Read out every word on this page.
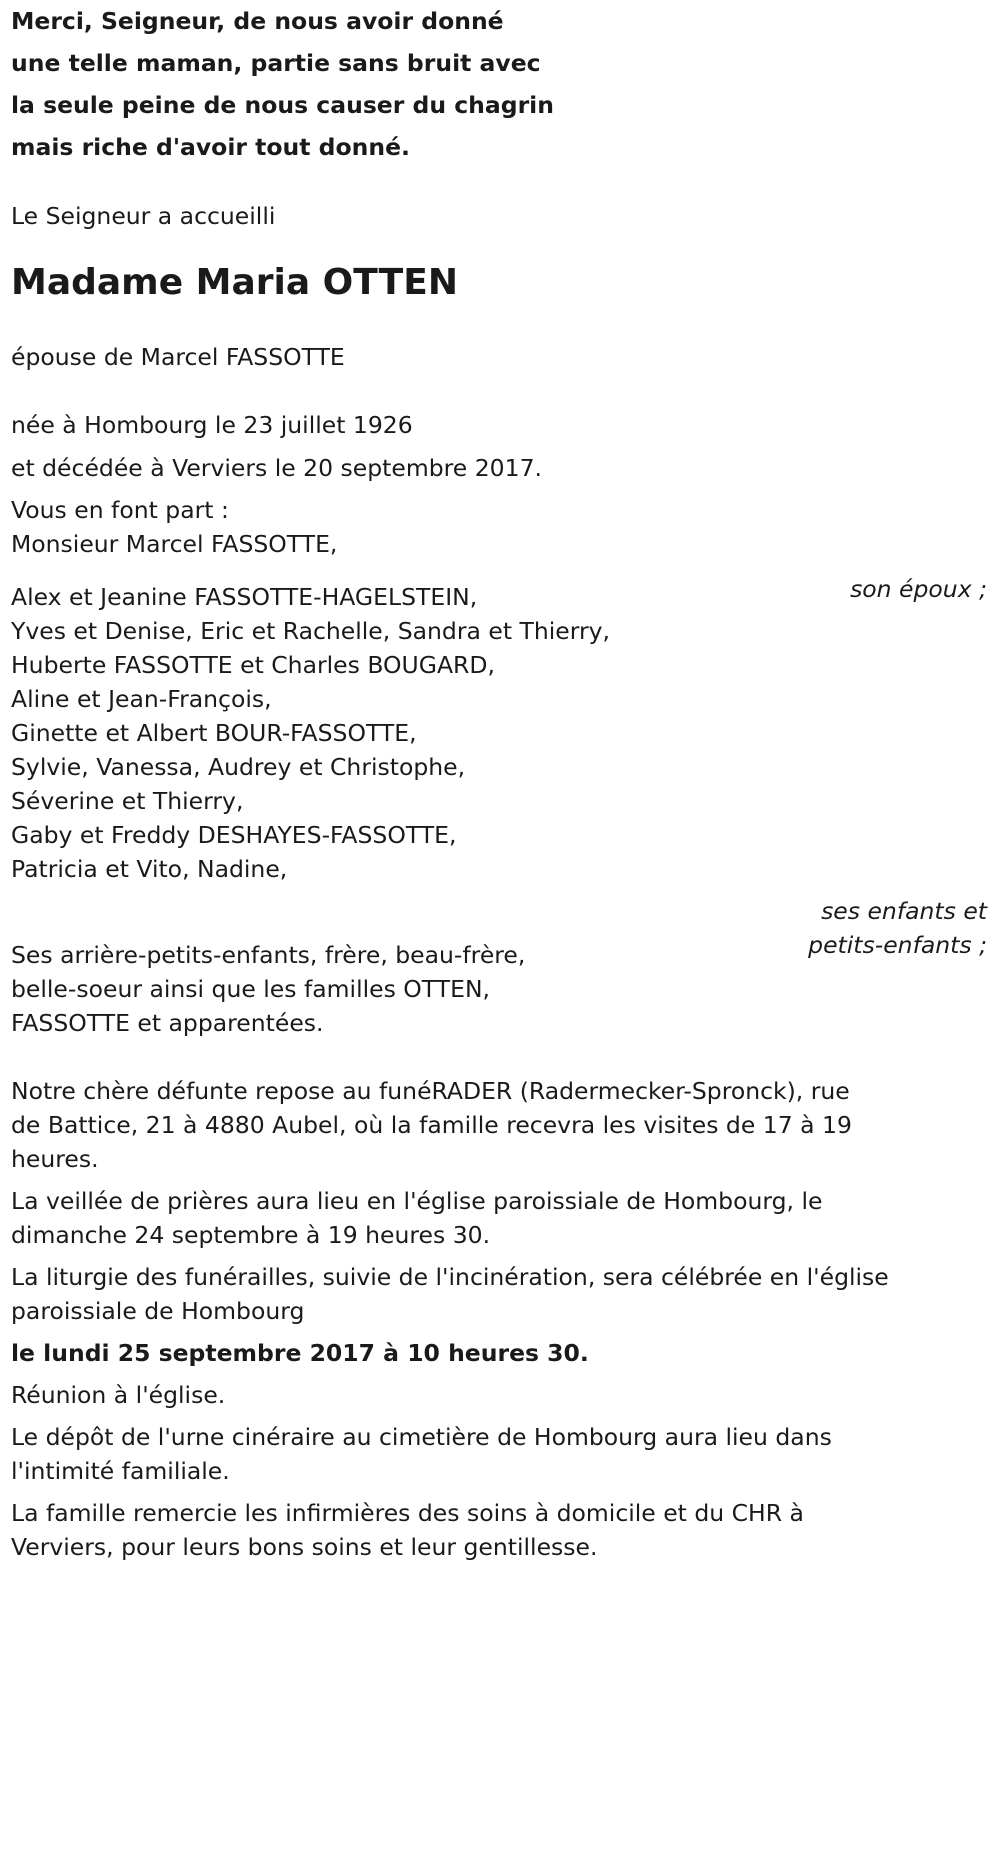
Merci, Seigneur, de nous avoir donné

une telle maman, partie sans bruit avec

la seule peine de nous causer du chagrin

mais riche d'avoir tout donné.

Le Seigneur a accueilli

Madame Maria OTTEN

épouse de Marcel FASSOTTE

née à Hombourg le 23 juillet 1926

et décédée à Verviers le 20 septembre 2017.

Vous en font part :

Monsieur Marcel FASSOTTE,

son époux ;

Alex et Jeanine FASSOTTE-HAGELSTEIN,

Yves et Denise, Eric et Rachelle, Sandra et Thierry,

Huberte FASSOTTE et Charles BOUGARD,

Aline et Jean-François,

Ginette et Albert BOUR-FASSOTTE,

Sylvie, Vanessa, Audrey et Christophe,

Séverine et Thierry,

Gaby et Freddy DESHAYES-FASSOTTE,

Patricia et Vito, Nadine,

ses enfants et

petits-enfants ;

Ses arrière-petits-enfants, frère, beau-frère,

belle-soeur ainsi que les familles OTTEN,

FASSOTTE et apparentées.

Notre chère défunte repose au funéRADER (Radermecker-Spronck), rue

de Battice, 21 à 4880 Aubel, où la famille recevra les visites de 17 à 19

heures.

La veillée de prières aura lieu en l'église paroissiale de Hombourg, le

dimanche 24 septembre à 19 heures 30.

La liturgie des funérailles, suivie de l'incinération, sera célébrée en l'église

paroissiale de Hombourg

le lundi 25 septembre 2017 à 10 heures 30.

Réunion à l'église.

Le dépôt de l'urne cinéraire au cimetière de Hombourg aura lieu dans

l'intimité familiale.

La famille remercie les infirmières des soins à domicile et du CHR à

Verviers, pour leurs bons soins et leur gentillesse.
